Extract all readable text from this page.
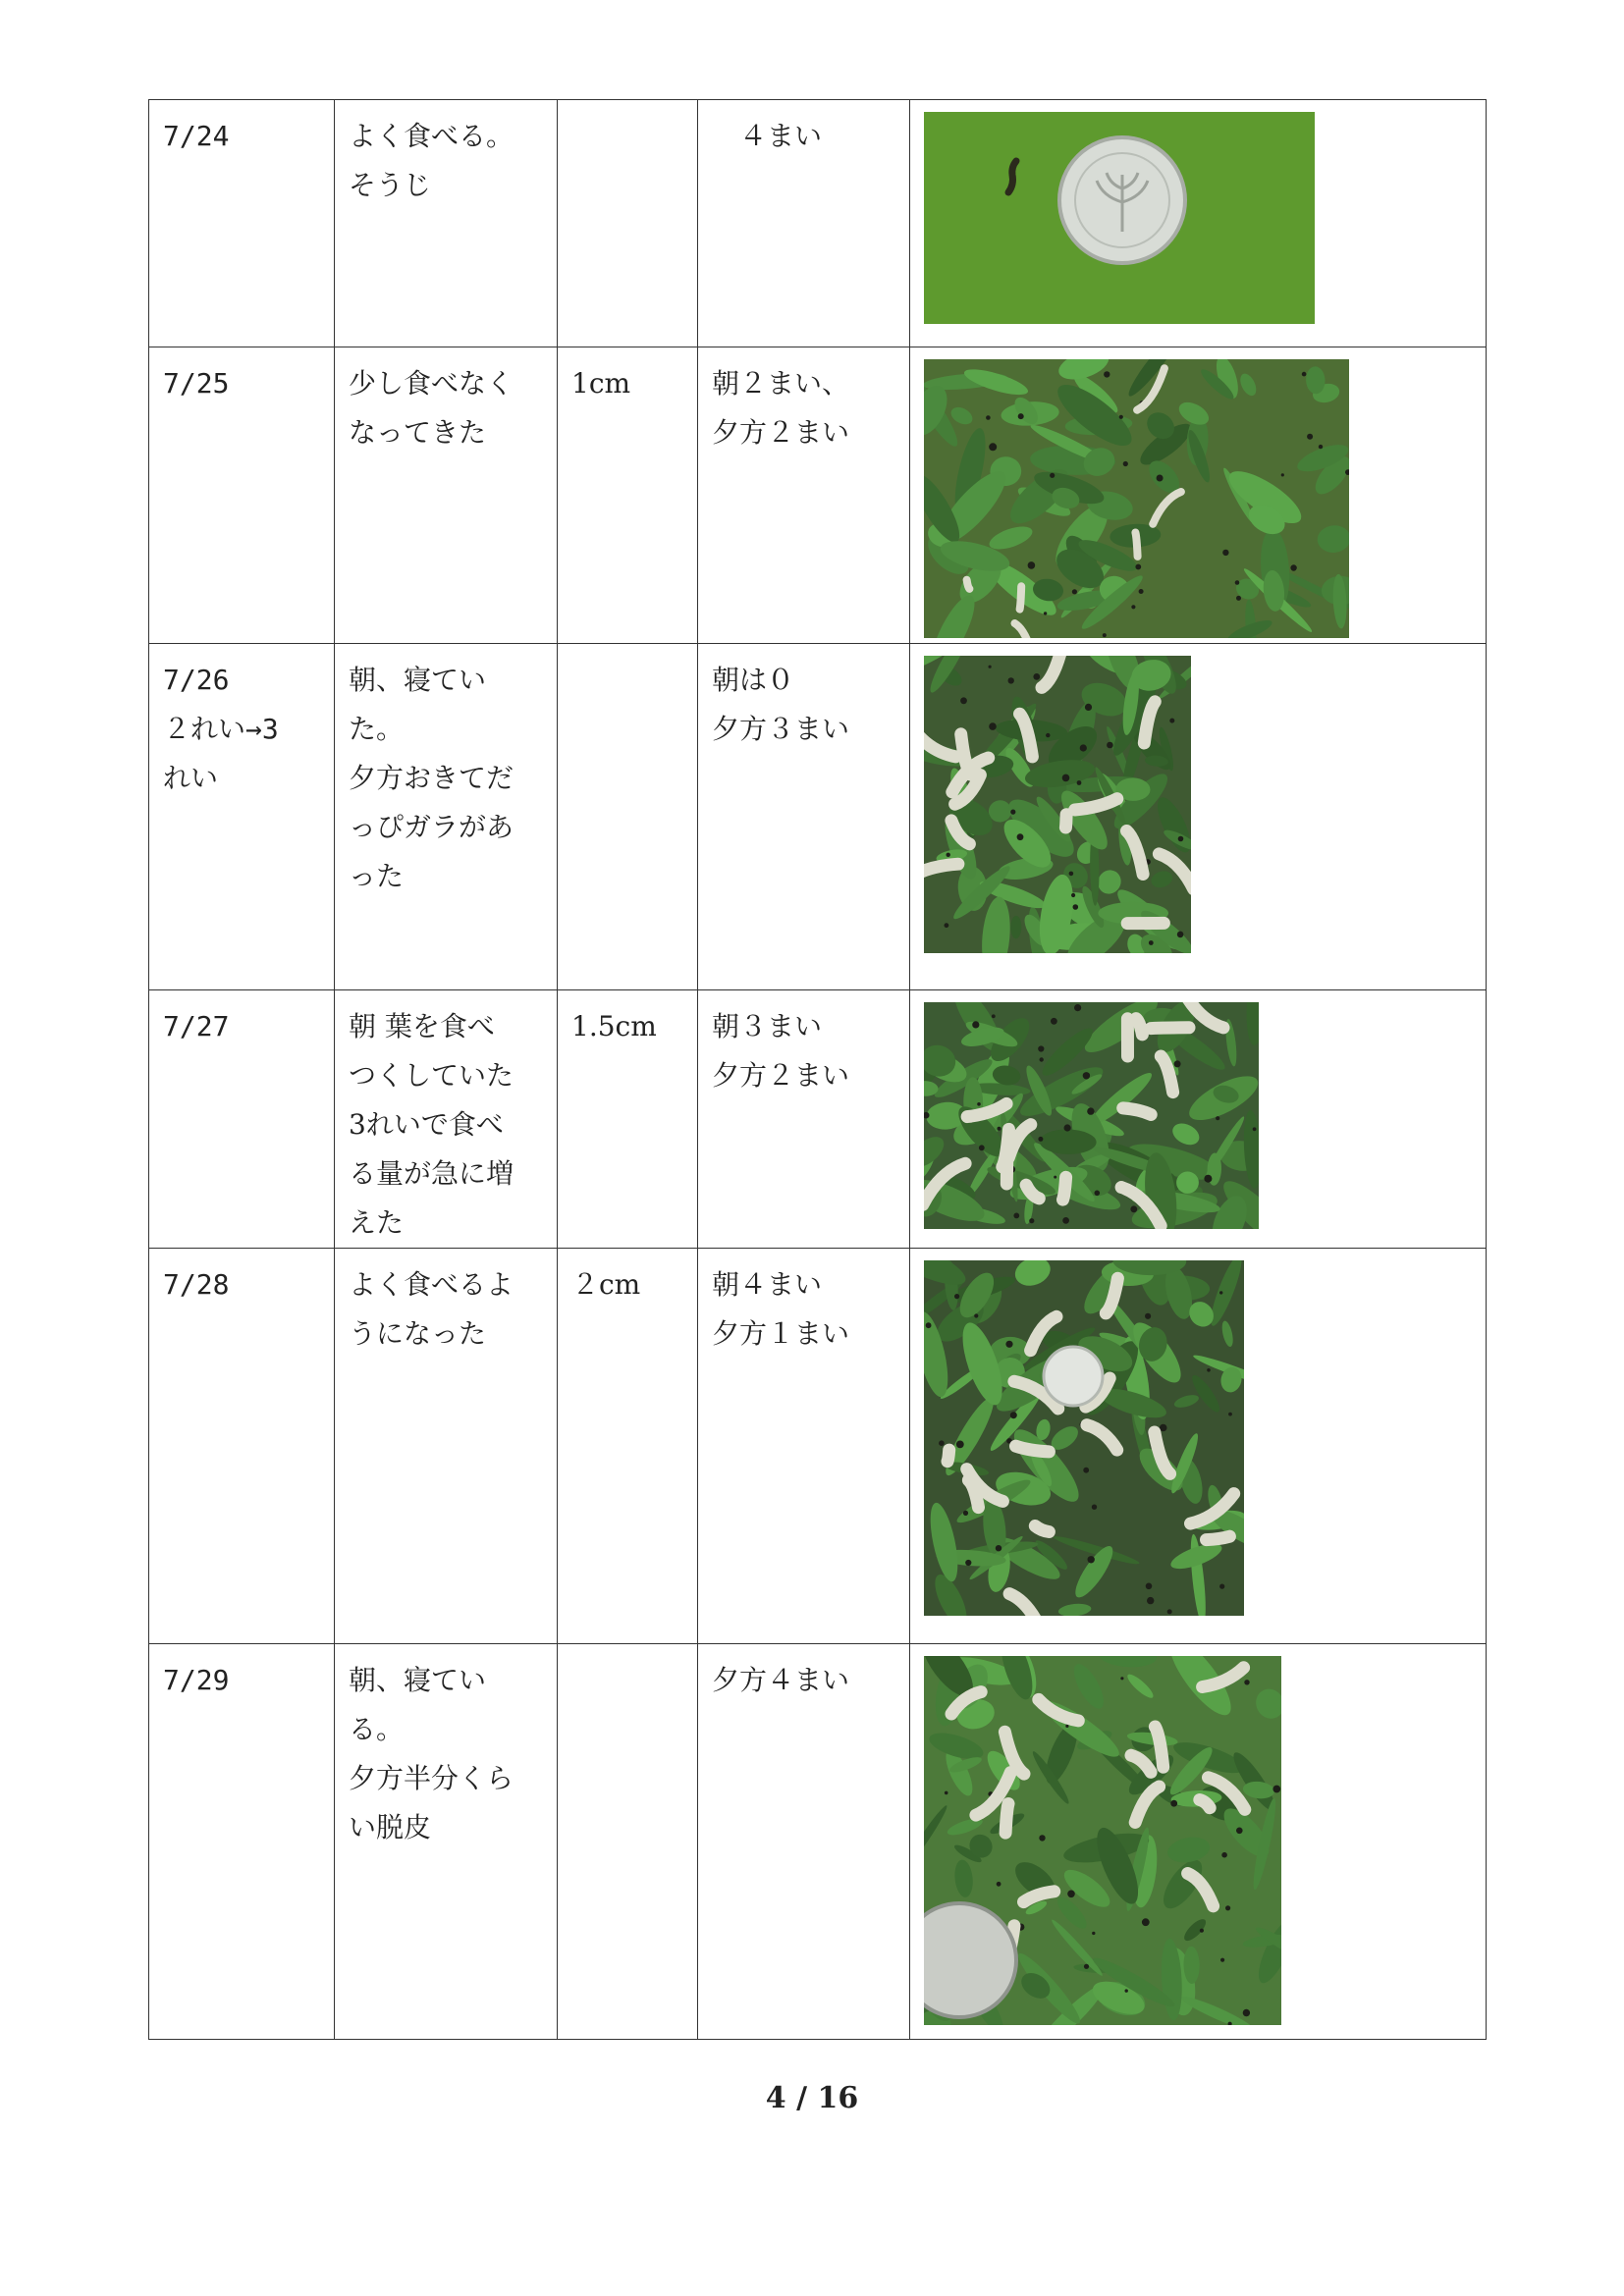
7/24	よく食べる。
そうじ		　４まい

7/25	少し食べなく
なってきた	1cm	朝２まい、
夕方２まい

7/26
２れい→3
れい	朝、寝てい
た。
夕方おきてだ
っぴガラがあ
った		朝は０
夕方３まい

7/27	朝 葉を食べ
つくしていた
3れいで食べ
る量が急に増
えた	1.5cm	朝３まい
夕方２まい

7/28	よく食べるよ
うになった	２cm	朝４まい
夕方１まい

7/29	朝、寝てい
る。
夕方半分くら
い脱皮		夕方４まい

4 / 16
